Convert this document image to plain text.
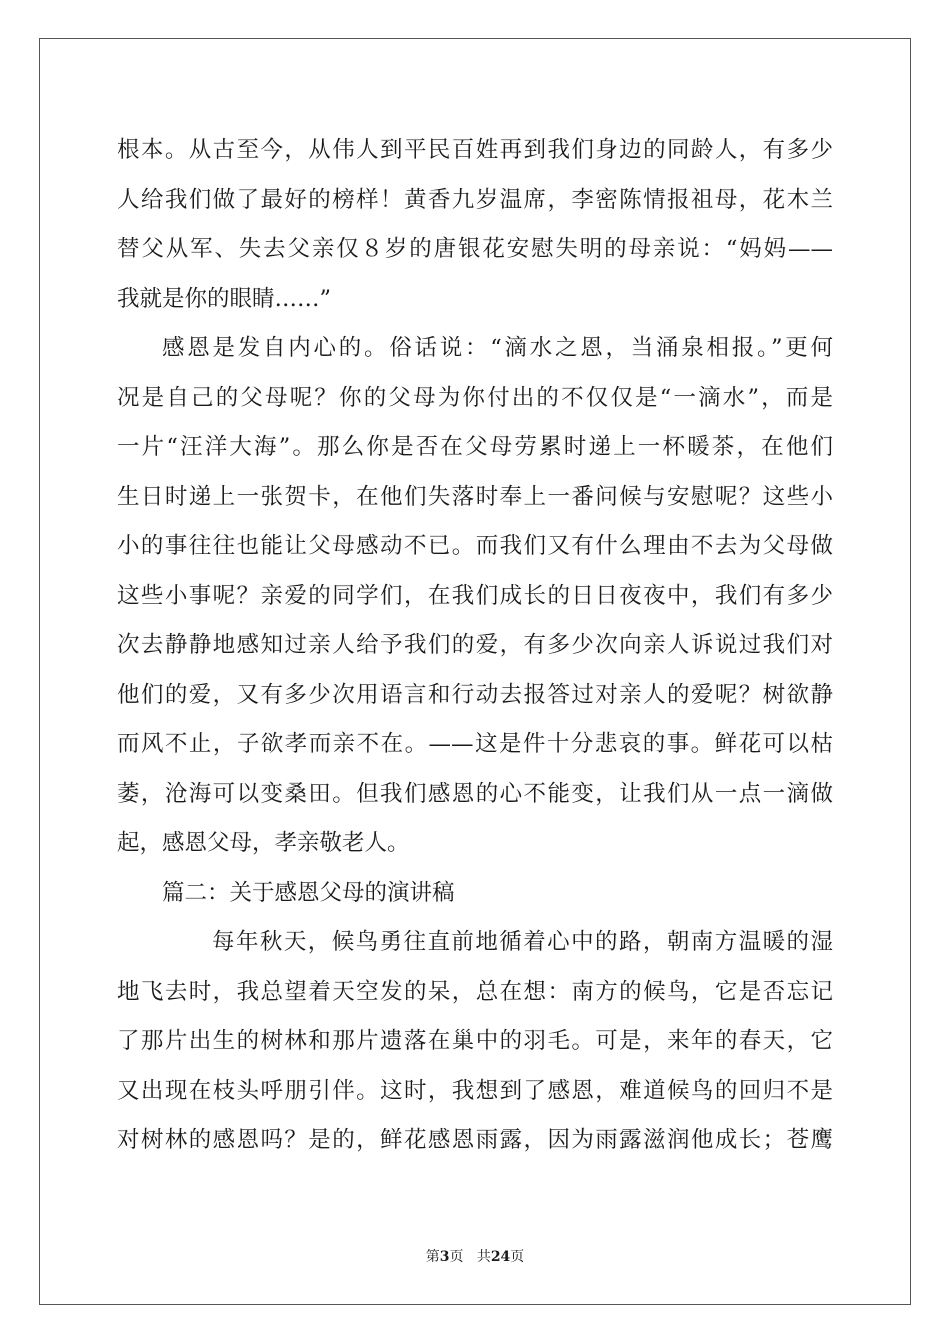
根本。从古至今，从伟人到平民百姓再到我们身边的同龄人，有多少
人给我们做了最好的榜样！黄香九岁温席，李密陈情报祖母，花木兰
替父从军、失去父亲仅８岁的唐银花安慰失明的母亲说：“妈妈——
我就是你的眼睛……”
感恩是发自内心的。俗话说：“滴水之恩，当涌泉相报。”更何
况是自己的父母呢？你的父母为你付出的不仅仅是“一滴水”，而是
一片“汪洋大海”。那么你是否在父母劳累时递上一杯暖茶，在他们
生日时递上一张贺卡，在他们失落时奉上一番问候与安慰呢？这些小
小的事往往也能让父母感动不已。而我们又有什么理由不去为父母做
这些小事呢？亲爱的同学们，在我们成长的日日夜夜中，我们有多少
次去静静地感知过亲人给予我们的爱，有多少次向亲人诉说过我们对
他们的爱，又有多少次用语言和行动去报答过对亲人的爱呢？树欲静
而风不止，子欲孝而亲不在。——这是件十分悲哀的事。鲜花可以枯
萎，沧海可以变桑田。但我们感恩的心不能变，让我们从一点一滴做
起，感恩父母，孝亲敬老人。
篇二：关于感恩父母的演讲稿
每年秋天，候鸟勇往直前地循着心中的路，朝南方温暖的湿
地飞去时，我总望着天空发的呆，总在想：南方的候鸟，它是否忘记
了那片出生的树林和那片遗落在巢中的羽毛。可是，来年的春天，它
又出现在枝头呼朋引伴。这时，我想到了感恩，难道候鸟的回归不是
对树林的感恩吗？是的，鲜花感恩雨露，因为雨露滋润他成长；苍鹰
第3页 共24页
